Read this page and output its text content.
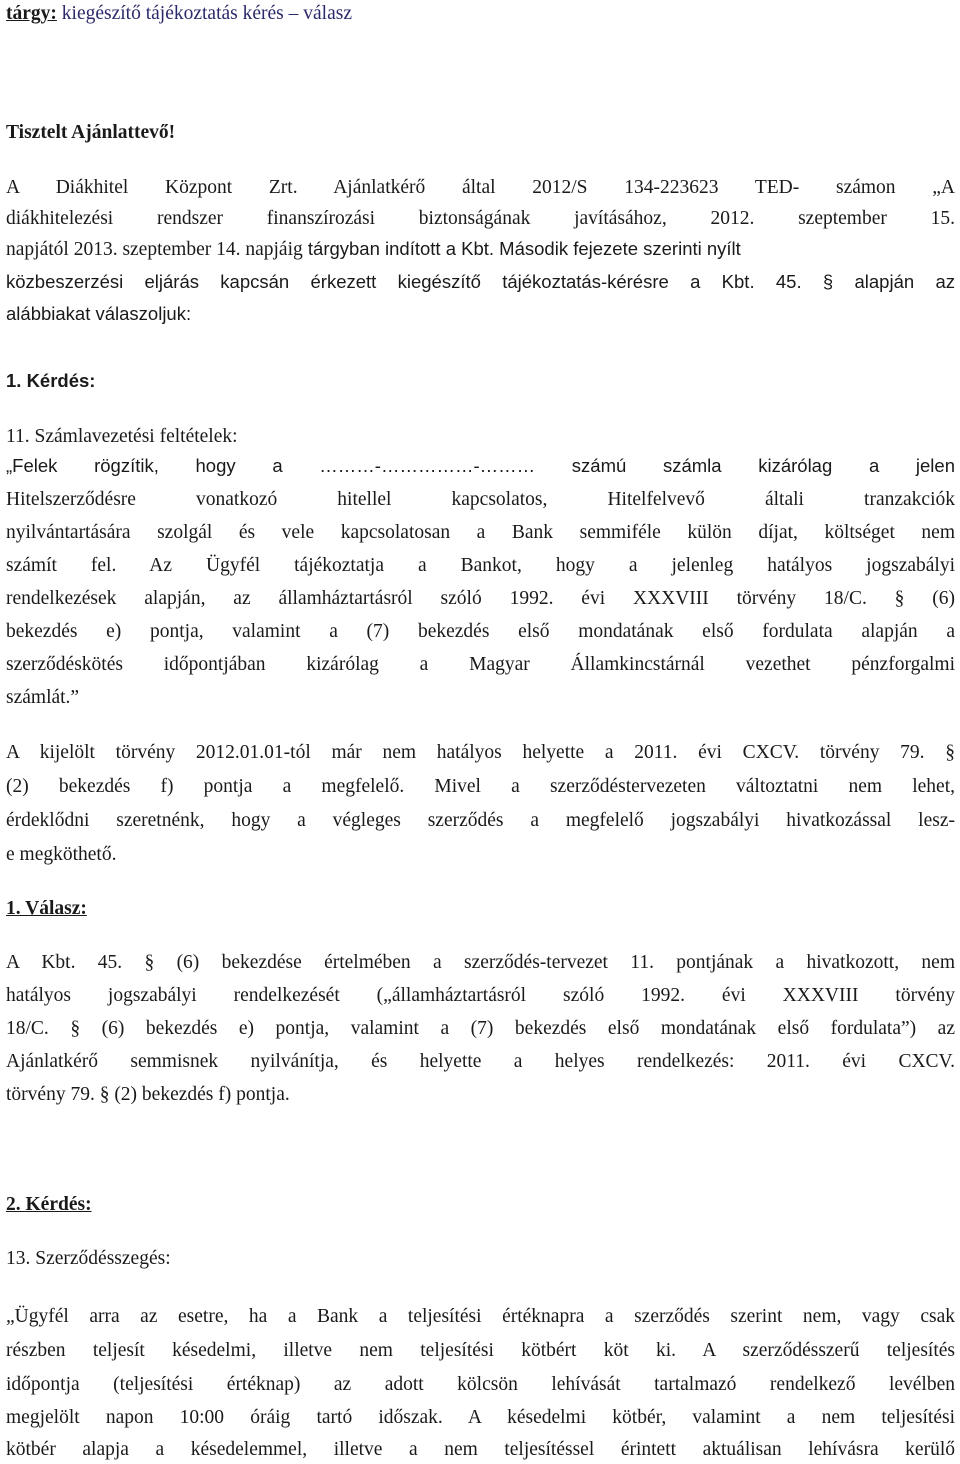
tárgy: kiegészítő tájékoztatás kérés – válasz
Tisztelt Ajánlattevő!
A Diákhitel Központ Zrt. Ajánlatkérő által 2012/S 134-223623 TED- számon „A
diákhitelezési rendszer finanszírozási biztonságának javításához, 2012. szeptember 15.
napjától 2013. szeptember 14. napjáig tárgyban indított a Kbt. Második fejezete szerinti nyílt
közbeszerzési eljárás kapcsán érkezett kiegészítő tájékoztatás-kérésre a Kbt. 45. § alapján az
alábbiakat válaszoljuk:
1. Kérdés:
11. Számlavezetési feltételek:
„Felek rögzítik, hogy a ………-……………-……… számú számla kizárólag a jelen
Hitelszerződésre vonatkozó hitellel kapcsolatos, Hitelfelvevő általi tranzakciók
nyilvántartására szolgál és vele kapcsolatosan a Bank semmiféle külön díjat, költséget nem
számít fel. Az Ügyfél tájékoztatja a Bankot, hogy a jelenleg hatályos jogszabályi
rendelkezések alapján, az államháztartásról szóló 1992. évi XXXVIII törvény 18/C. § (6)
bekezdés e) pontja, valamint a (7) bekezdés első mondatának első fordulata alapján a
szerződéskötés időpontjában kizárólag a Magyar Államkincstárnál vezethet pénzforgalmi
számlát.”
A kijelölt törvény 2012.01.01-tól már nem hatályos helyette a 2011. évi CXCV. törvény 79. §
(2) bekezdés f) pontja a megfelelő. Mivel a szerződéstervezeten változtatni nem lehet,
érdeklődni szeretnénk, hogy a végleges szerződés a megfelelő jogszabályi hivatkozással lesz-
e megköthető.
1. Válasz:
A Kbt. 45. § (6) bekezdése értelmében a szerződés-tervezet 11. pontjának a hivatkozott, nem
hatályos jogszabályi rendelkezését („államháztartásról szóló 1992. évi XXXVIII törvény
18/C. § (6) bekezdés e) pontja, valamint a (7) bekezdés első mondatának első fordulata”) az
Ajánlatkérő semmisnek nyilvánítja, és helyette a helyes rendelkezés: 2011. évi CXCV.
törvény 79. § (2) bekezdés f) pontja.
2. Kérdés:
13. Szerződésszegés:
„Ügyfél arra az esetre, ha a Bank a teljesítési értéknapra a szerződés szerint nem, vagy csak
részben teljesít késedelmi, illetve nem teljesítési kötbért köt ki. A szerződésszerű teljesítés
időpontja (teljesítési értéknap) az adott kölcsön lehívását tartalmazó rendelkező levélben
megjelölt napon 10:00 óráig tartó időszak. A késedelmi kötbér, valamint a nem teljesítési
kötbér alapja a késedelemmel, illetve a nem teljesítéssel érintett aktuálisan lehívásra kerülő
